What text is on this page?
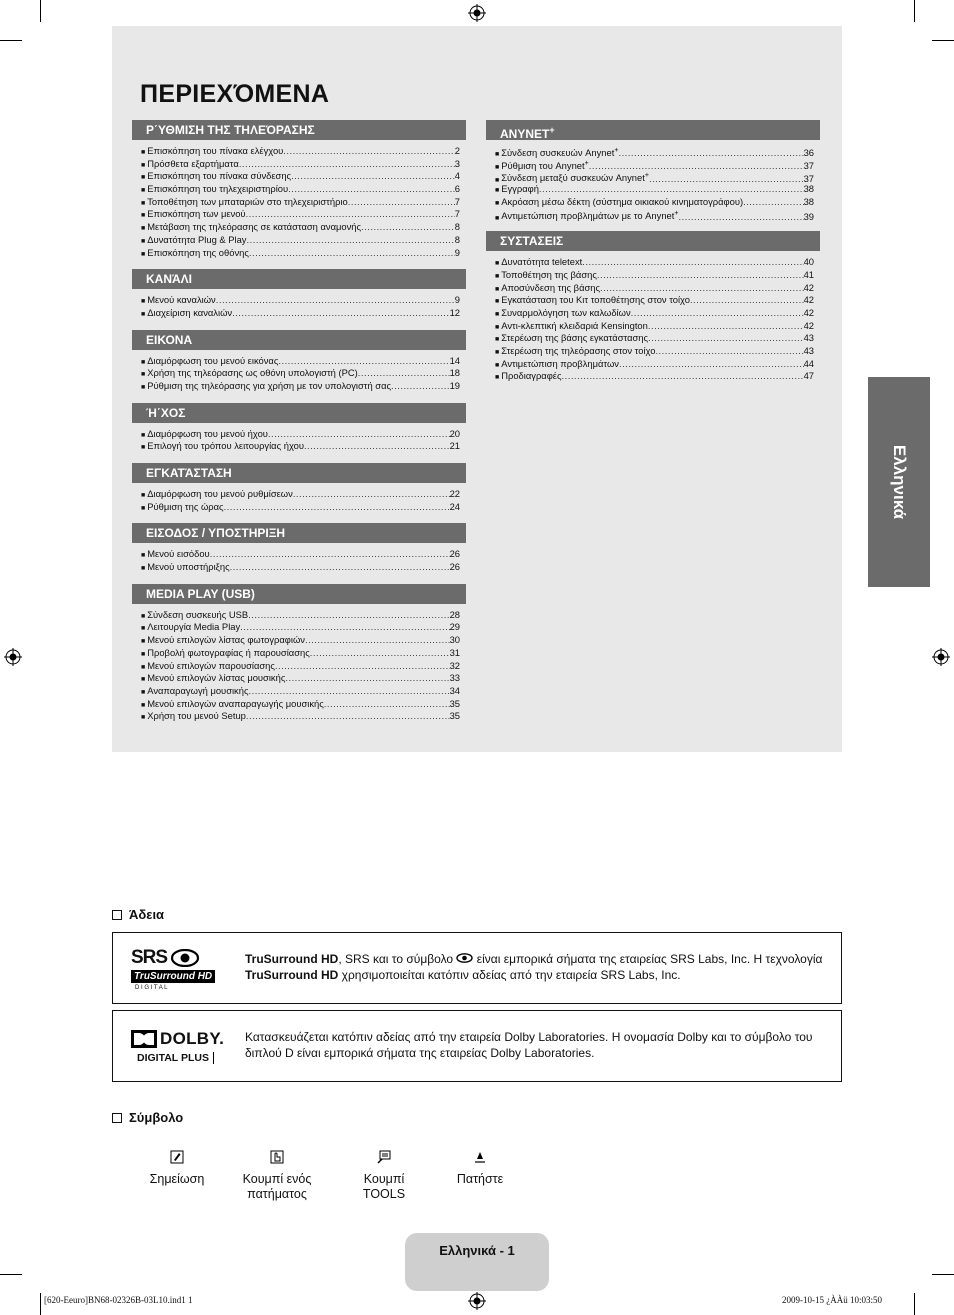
ΠΕΡΙΕΧΌΜΕΝΑ
Ρ΄ΥΘΜΙΣΗ ΤΗΣ ΤΗΛΕΌΡΑΣΗΣ
■ Επισκόπηση του πίνακα ελέγχου .....	2
■ Πρόσθετα εξαρτήματα .....	3
■ Επισκόπηση του πίνακα σύνδεσης .....	4
■ Επισκόπηση του τηλεχειριστηρίου .....	6
■ Τοποθέτηση των μπαταριών στο τηλεχειριστήριο .....	7
■ Επισκόπηση των μενού .....	7
■ Μετάβαση της τηλεόρασης σε κατάσταση αναμονής .....	8
■ Δυνατότητα Plug & Play .....	8
■ Επισκόπηση της οθόνης .....	9
ΚΑΝΆΛΙ
■ Μενού καναλιών .....	9
■ Διαχείριση καναλιών .....	12
ΕΙΚΟΝΑ
■ Διαμόρφωση του μενού εικόνας .....	14
■ Χρήση της τηλεόρασης ως οθόνη υπολογιστή (PC) .....	18
■ Ρύθμιση της τηλεόρασης για χρήση με τον υπολογιστή σας .....	19
Ή΄ΧΟΣ
■ Διαμόρφωση του μενού ήχου .....	20
■ Επιλογή του τρόπου λειτουργίας ήχου .....	21
ΕΓΚΑΤΆΣΤΑΣΗ
■ Διαμόρφωση του μενού ρυθμίσεων .....	22
■ Ρύθμιση της ώρας .....	24
ΕΙΣΟΔΟΣ / ΥΠΟΣΤΗΡΙΞΗ
■ Μενού εισόδου .....	26
■ Μενού υποστήριξης .....	26
MEDIA PLAY (USB)
■ Σύνδεση συσκευής USB .....	28
■ Λειτουργία Media Play .....	29
■ Μενού επιλογών λίστας φωτογραφιών .....	30
■ Προβολή φωτογραφίας ή παρουσίασης .....	31
■ Μενού επιλογών παρουσίασης .....	32
■ Μενού επιλογών λίστας μουσικής .....	33
■ Αναπαραγωγή μουσικής .....	34
■ Μενού επιλογών αναπαραγωγής μουσικής .....	35
■ Χρήση του μενού Setup .....	35
ANYNET+
■ Σύνδεση συσκευών Anynet+ .....	36
■ Ρύθμιση του Anynet+ .....	37
■ Σύνδεση μεταξύ συσκευών Anynet+ .....	37
■ Εγγραφή .....	38
■ Ακρόαση μέσω δέκτη (σύστημα οικιακού κινηματογράφου) .....	38
■ Αντιμετώπιση προβλημάτων με το Anynet+ .....	39
ΣΥΣΤΑΣΕΙΣ
■ Δυνατότητα teletext .....	40
■ Τοποθέτηση της βάσης .....	41
■ Αποσύνδεση της βάσης .....	42
■ Εγκατάσταση του Κιτ τοποθέτησης στον τοίχο .....	42
■ Συναρμολόγηση των καλωδίων .....	42
■ Αντι-κλεπτική κλειδαριά Kensington .....	42
■ Στερέωση της βάσης εγκατάστασης .....	43
■ Στερέωση της τηλεόρασης στον τοίχο .....	43
■ Αντιμετώπιση προβλημάτων .....	44
■ Προδιαγραφές .....	47
Ελληνικά
Άδεια
SRS
TruSurround HD
D I G I T A L
TruSurround HD, SRS και το σύμβολο  είναι εμπορικά σήματα της εταιρείας SRS Labs, Inc. Η τεχνολογία
TruSurround HD χρησιμοποιείται κατόπιν αδείας από την εταιρεία SRS Labs, Inc.
DOLBY.
DIGITAL PLUS
Κατασκευάζεται κατόπιν αδείας από την εταιρεία Dolby Laboratories. Η ονομασία Dolby και το σύμβολο του διπλού D είναι εμπορικά σήματα της εταιρείας Dolby Laboratories.
Σύμβολο
Σημείωση	Κουμπί ενός
πατήματος
Κουμπί
TOOLS
Πατήστε
Ελληνικά - 1
[620-Eeuro]BN68-02326B-03L10.ind1 1	2009-10-15 ¿ÀÀü 10:03:50
